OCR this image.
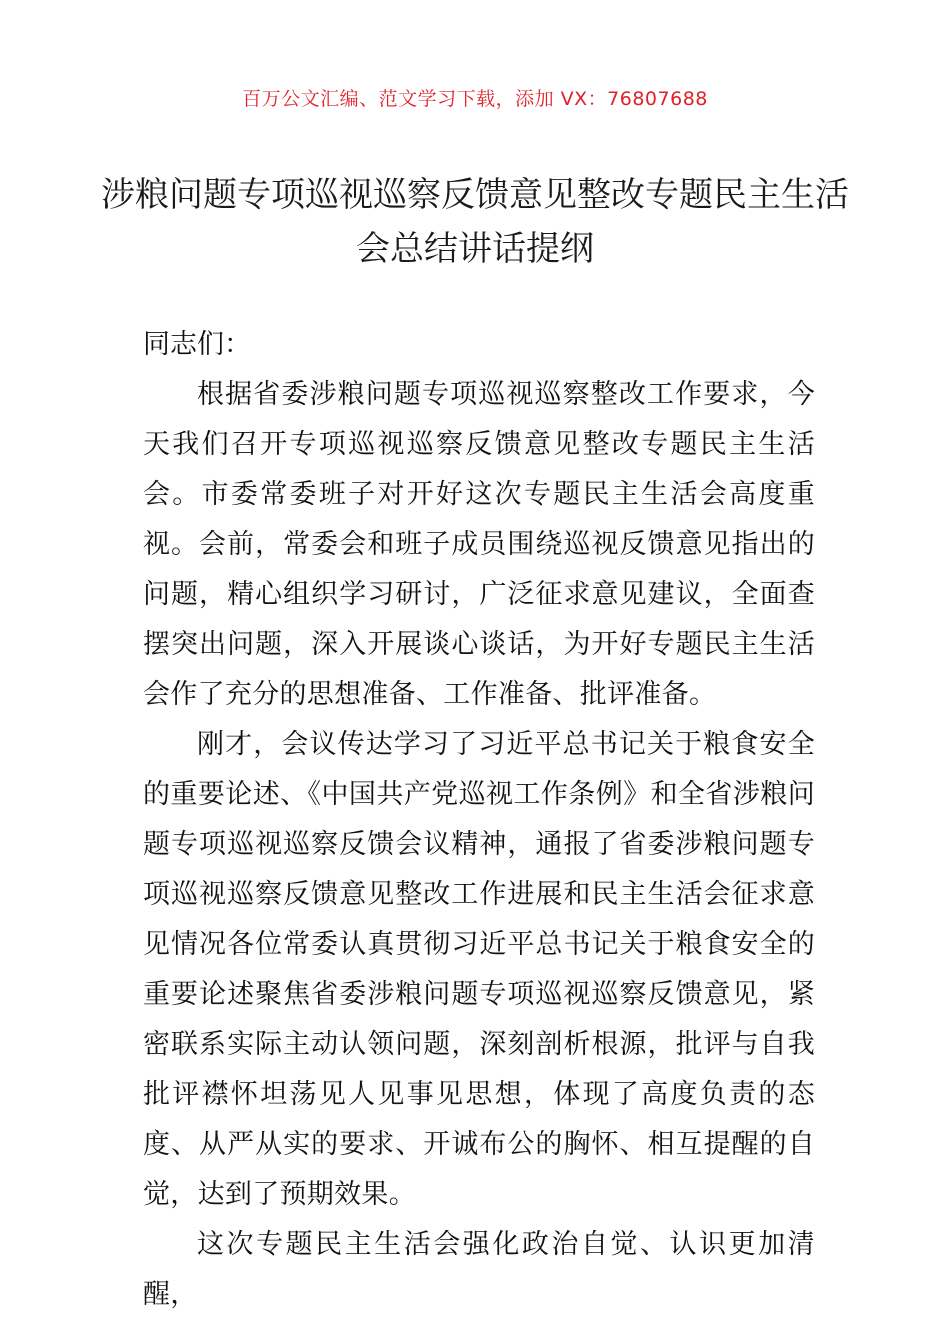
百万公文汇编、范文学习下载，添加 VX：76807688
涉粮问题专项巡视巡察反馈意见整改专题民主生活会总结讲话提纲

同志们：

根据省委涉粮问题专项巡视巡察整改工作要求，今天我们召开专项巡视巡察反馈意见整改专题民主生活会。市委常委班子对开好这次专题民主生活会高度重视。会前，常委会和班子成员围绕巡视反馈意见指出的问题，精心组织学习研讨，广泛征求意见建议，全面查摆突出问题，深入开展谈心谈话，为开好专题民主生活会作了充分的思想准备、工作准备、批评准备。

刚才，会议传达学习了习近平总书记关于粮食安全的重要论述、《中国共产党巡视工作条例》和全省涉粮问题专项巡视巡察反馈会议精神，通报了省委涉粮问题专项巡视巡察反馈意见整改工作进展和民主生活会征求意见情况各位常委认真贯彻习近平总书记关于粮食安全的重要论述聚焦省委涉粮问题专项巡视巡察反馈意见，紧密联系实际主动认领问题，深刻剖析根源，批评与自我批评襟怀坦荡见人见事见思想，体现了高度负责的态度、从严从实的要求、开诚布公的胸怀、相互提醒的自觉，达到了预期效果。

这次专题民主生活会强化政治自觉、认识更加清醒，
